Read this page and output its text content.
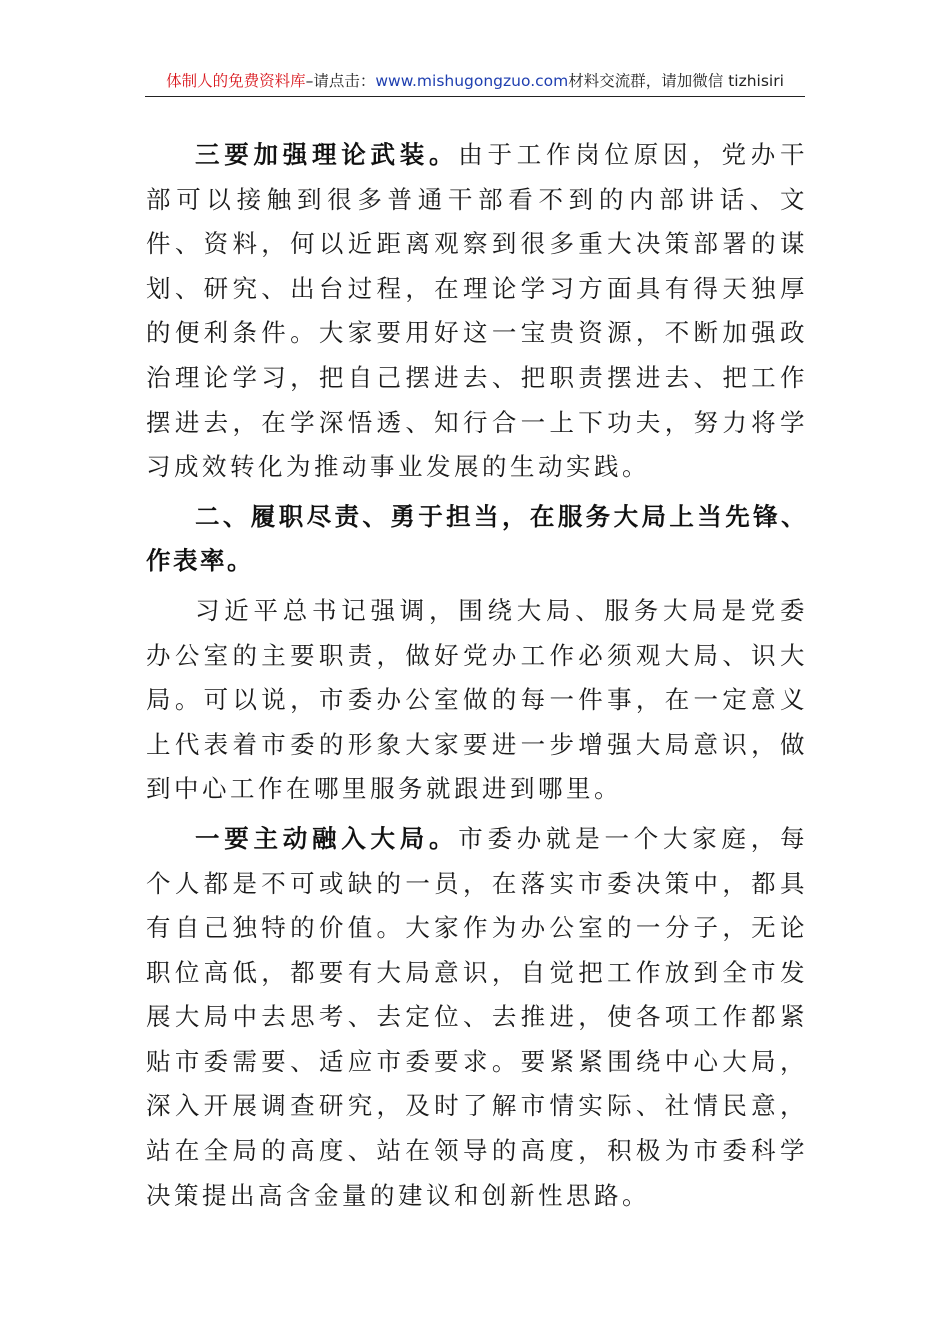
体制人的免费资料库–请点击：www.mishugongzuo.com材料交流群，请加微信 tizhisiri

三要加强理论武装。由于工作岗位原因，党办干部可以接触到很多普通干部看不到的内部讲话、文件、资料，何以近距离观察到很多重大决策部署的谋划、研究、出台过程，在理论学习方面具有得天独厚的便利条件。大家要用好这一宝贵资源，不断加强政治理论学习，把自己摆进去、把职责摆进去、把工作摆进去，在学深悟透、知行合一上下功夫，努力将学习成效转化为推动事业发展的生动实践。

二、履职尽责、勇于担当，在服务大局上当先锋、作表率。

习近平总书记强调，围绕大局、服务大局是党委办公室的主要职责，做好党办工作必须观大局、识大局。可以说，市委办公室做的每一件事，在一定意义上代表着市委的形象大家要进一步增强大局意识，做到中心工作在哪里服务就跟进到哪里。

一要主动融入大局。市委办就是一个大家庭，每个人都是不可或缺的一员，在落实市委决策中，都具有自己独特的价值。大家作为办公室的一分子，无论职位高低，都要有大局意识，自觉把工作放到全市发展大局中去思考、去定位、去推进，使各项工作都紧贴市委需要、适应市委要求。要紧紧围绕中心大局，深入开展调查研究，及时了解市情实际、社情民意，站在全局的高度、站在领导的高度，积极为市委科学决策提出高含金量的建议和创新性思路。
